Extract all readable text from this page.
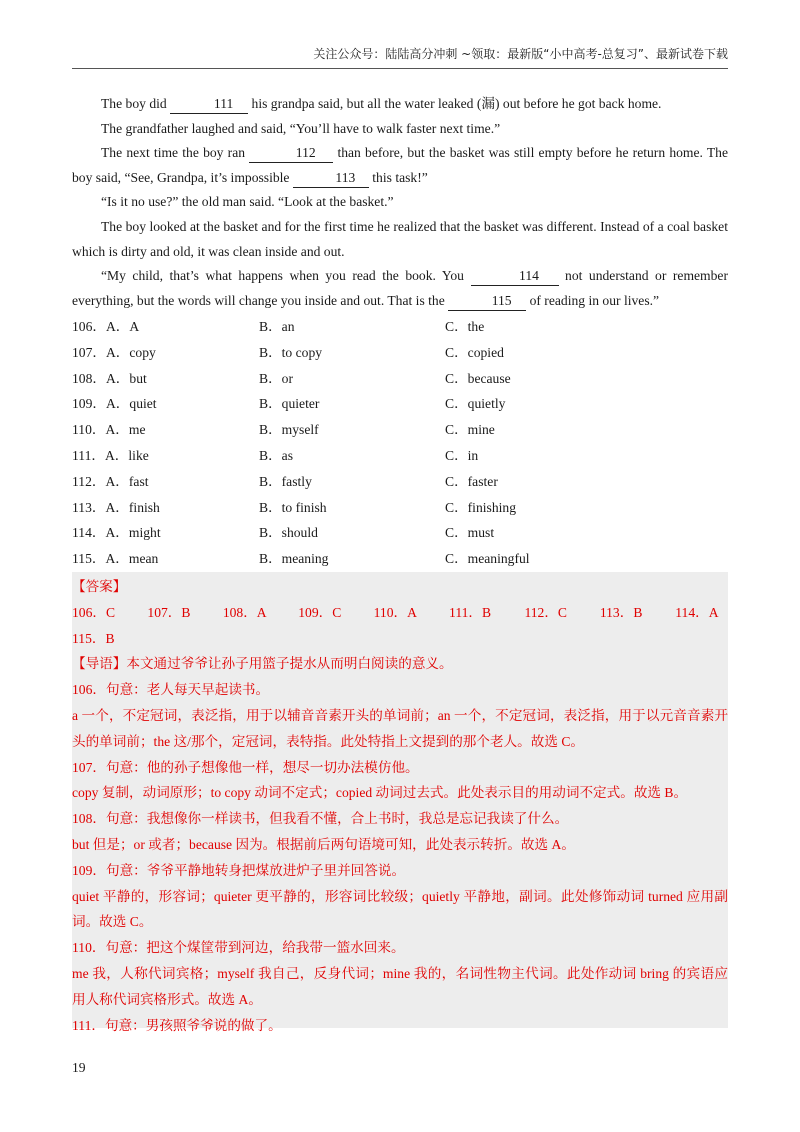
关注公众号：陆陆高分冲刺 ~领取：最新版“小中高考-总复习”、最新试卷下载

The boy did	111 his grandpa said, but all the water leaked (漏) out before he got back home.

The grandfather laughed and said, “You’ll have to walk faster next time.”

The next time the boy ran	112 than before, but the basket was still empty before he return home. The boy said, “See, Grandpa, it’s impossible	113 this task!”

“Is it no use?” the old man said. “Look at the basket.”

The boy looked at the basket and for the first time he realized that the basket was different. Instead of a coal basket which is dirty and old, it was clean inside and out.

“My child, that’s what happens when you read the book. You	114 not understand or remember everything, but the words will change you inside and out. That is the	115 of reading in our lives.”

106．A．A	B．an	C．the
107．A．copy	B．to copy	C．copied
108．A．but	B．or	C．because
109．A．quiet	B．quieter	C．quietly
110．A．me	B．myself	C．mine
111．A．like	B．as	C．in
112．A．fast	B．fastly	C．faster
113．A．finish	B．to finish	C．finishing
114．A．might	B．should	C．must
115．A．mean	B．meaning	C．meaningful
【答案】
106．C 107．B 108．A 109．C 110．A 111．B 112．C 113．B 114．A
115．B
【导语】本文通过爷爷让孙子用篮子提水从而明白阅读的意义。
106．句意：老人每天早起读书。
a 一个，不定冠词，表泛指，用于以辅音音素开头的单词前；an 一个，不定冠词，表泛指，用于以元音音素开头的单词前；the 这/那个，定冠词，表特指。此处特指上文提到的那个老人。故选 C。
107．句意：他的孙子想像他一样，想尽一切办法模仿他。
copy 复制，动词原形；to copy 动词不定式；copied 动词过去式。此处表示目的用动词不定式。故选 B。
108．句意：我想像你一样读书，但我看不懂，合上书时，我总是忘记我读了什么。
but 但是；or 或者；because 因为。根据前后两句语境可知，此处表示转折。故选 A。
109．句意：爷爷平静地转身把煤放进炉子里并回答说。
quiet 平静的，形容词；quieter 更平静的，形容词比较级；quietly 平静地，副词。此处修饰动词 turned 应用副词。故选 C。
110．句意：把这个煤筐带到河边，给我带一篮水回来。
me 我，人称代词宾格；myself 我自己，反身代词；mine 我的，名词性物主代词。此处作动词 bring 的宾语应用人称代词宾格形式。故选 A。
111．句意：男孩照爷爷说的做了。
19
